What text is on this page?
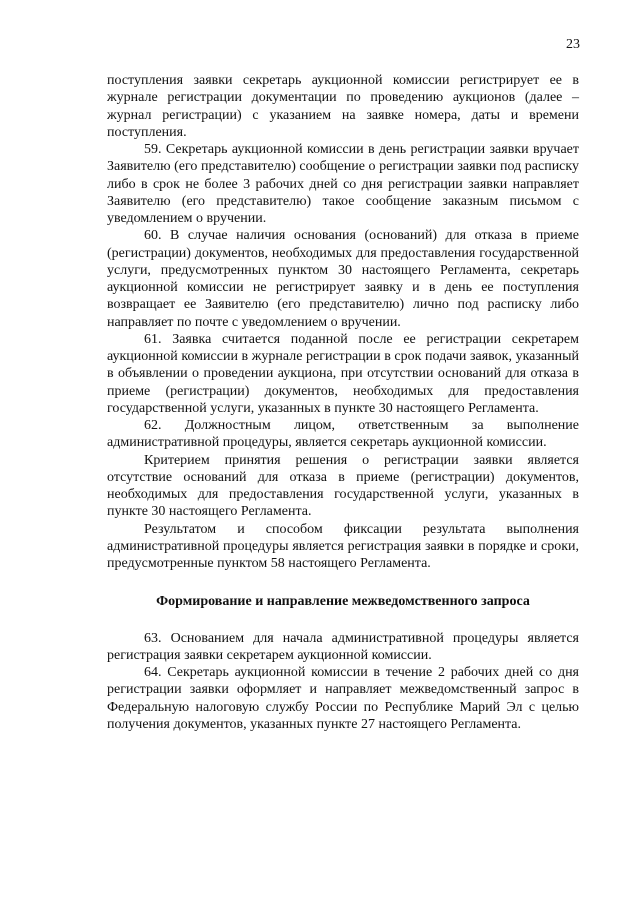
23

поступления заявки секретарь аукционной комиссии регистрирует ее в журнале регистрации документации по проведению аукционов (далее – журнал регистрации) с указанием на заявке номера, даты и времени поступления.

59. Секретарь аукционной комиссии в день регистрации заявки вручает Заявителю (его представителю) сообщение о регистрации заявки под расписку либо в срок не более 3 рабочих дней со дня регистрации заявки направляет Заявителю (его представителю) такое сообщение заказным письмом с уведомлением о вручении.

60. В случае наличия основания (оснований) для отказа в приеме (регистрации) документов, необходимых для предоставления государственной услуги, предусмотренных пунктом 30 настоящего Регламента, секретарь аукционной комиссии не регистрирует заявку и в день ее поступления возвращает ее Заявителю (его представителю) лично под расписку либо направляет по почте с уведомлением о вручении.

61. Заявка считается поданной после ее регистрации секретарем аукционной комиссии в журнале регистрации в срок подачи заявок, указанный в объявлении о проведении аукциона, при отсутствии оснований для отказа в приеме (регистрации) документов, необходимых для предоставления государственной услуги, указанных в пункте 30 настоящего Регламента.

62. Должностным лицом, ответственным за выполнение административной процедуры, является секретарь аукционной комиссии.

Критерием принятия решения о регистрации заявки является отсутствие оснований для отказа в приеме (регистрации) документов, необходимых для предоставления государственной услуги, указанных в пункте 30 настоящего Регламента.

Результатом и способом фиксации результата выполнения административной процедуры является регистрация заявки в порядке и сроки, предусмотренные пунктом 58 настоящего Регламента.

Формирование и направление межведомственного запроса

63. Основанием для начала административной процедуры является регистрация заявки секретарем аукционной комиссии.

64. Секретарь аукционной комиссии в течение 2 рабочих дней со дня регистрации заявки оформляет и направляет межведомственный запрос в Федеральную налоговую службу России по Республике Марий Эл с целью получения документов, указанных пункте 27 настоящего Регламента.
